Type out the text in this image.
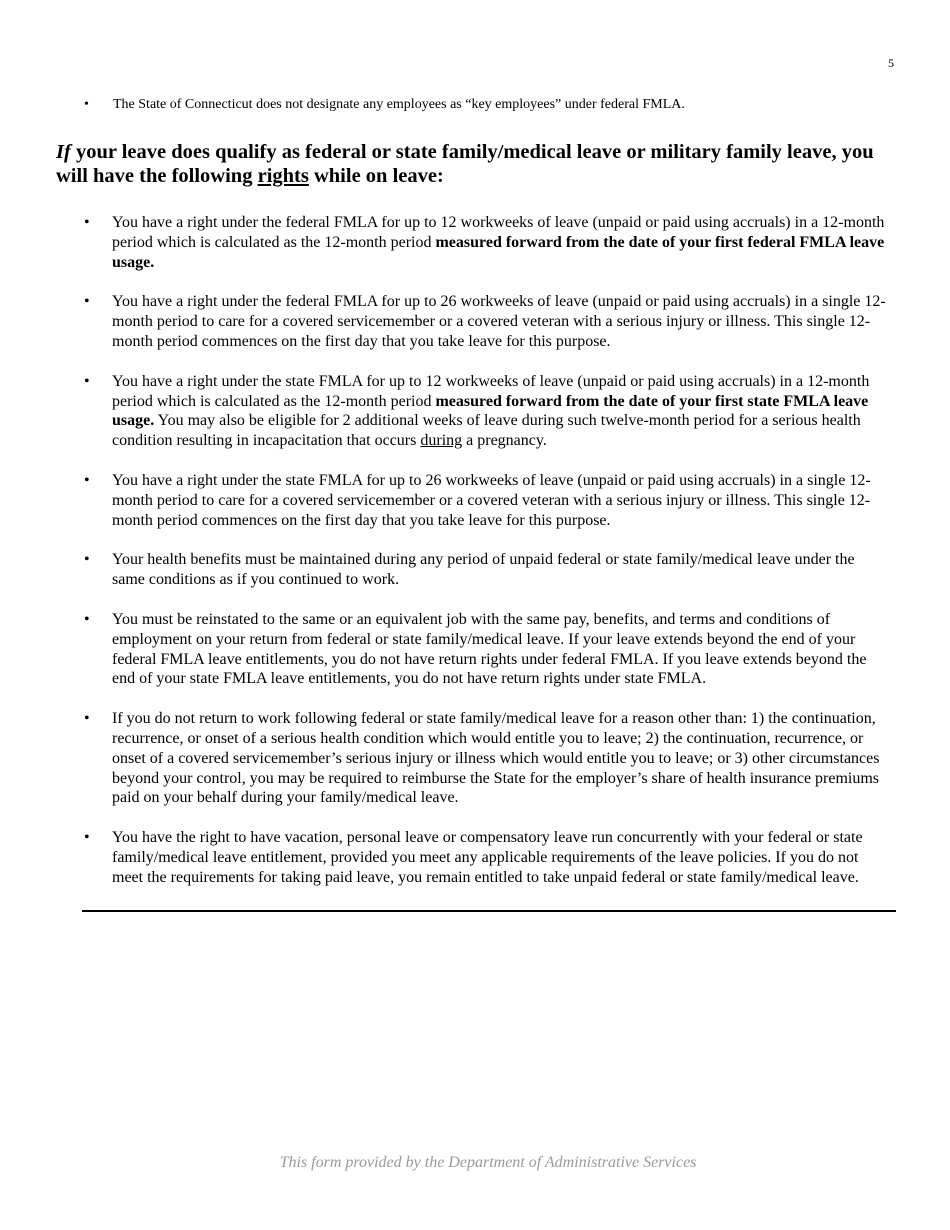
5
• The State of Connecticut does not designate any employees as “key employees” under federal FMLA.
If your leave does qualify as federal or state family/medical leave or military family leave, you will have the following rights while on leave:
• You have a right under the federal FMLA for up to 12 workweeks of leave (unpaid or paid using accruals) in a 12-month period which is calculated as the 12-month period measured forward from the date of your first federal FMLA leave usage.
• You have a right under the federal FMLA for up to 26 workweeks of leave (unpaid or paid using accruals) in a single 12-month period to care for a covered servicemember or a covered veteran with a serious injury or illness. This single 12-month period commences on the first day that you take leave for this purpose.
• You have a right under the state FMLA for up to 12 workweeks of leave (unpaid or paid using accruals) in a 12-month period which is calculated as the 12-month period measured forward from the date of your first state FMLA leave usage. You may also be eligible for 2 additional weeks of leave during such twelve-month period for a serious health condition resulting in incapacitation that occurs during a pregnancy.
• You have a right under the state FMLA for up to 26 workweeks of leave (unpaid or paid using accruals) in a single 12-month period to care for a covered servicemember or a covered veteran with a serious injury or illness. This single 12-month period commences on the first day that you take leave for this purpose.
• Your health benefits must be maintained during any period of unpaid federal or state family/medical leave under the same conditions as if you continued to work.
• You must be reinstated to the same or an equivalent job with the same pay, benefits, and terms and conditions of employment on your return from federal or state family/medical leave. If your leave extends beyond the end of your federal FMLA leave entitlements, you do not have return rights under federal FMLA. If you leave extends beyond the end of your state FMLA leave entitlements, you do not have return rights under state FMLA.
• If you do not return to work following federal or state family/medical leave for a reason other than: 1) the continuation, recurrence, or onset of a serious health condition which would entitle you to leave; 2) the continuation, recurrence, or onset of a covered servicemember’s serious injury or illness which would entitle you to leave; or 3) other circumstances beyond your control, you may be required to reimburse the State for the employer’s share of health insurance premiums paid on your behalf during your family/medical leave.
• You have the right to have vacation, personal leave or compensatory leave run concurrently with your federal or state family/medical leave entitlement, provided you meet any applicable requirements of the leave policies. If you do not meet the requirements for taking paid leave, you remain entitled to take unpaid federal or state family/medical leave.
This form provided by the Department of Administrative Services
